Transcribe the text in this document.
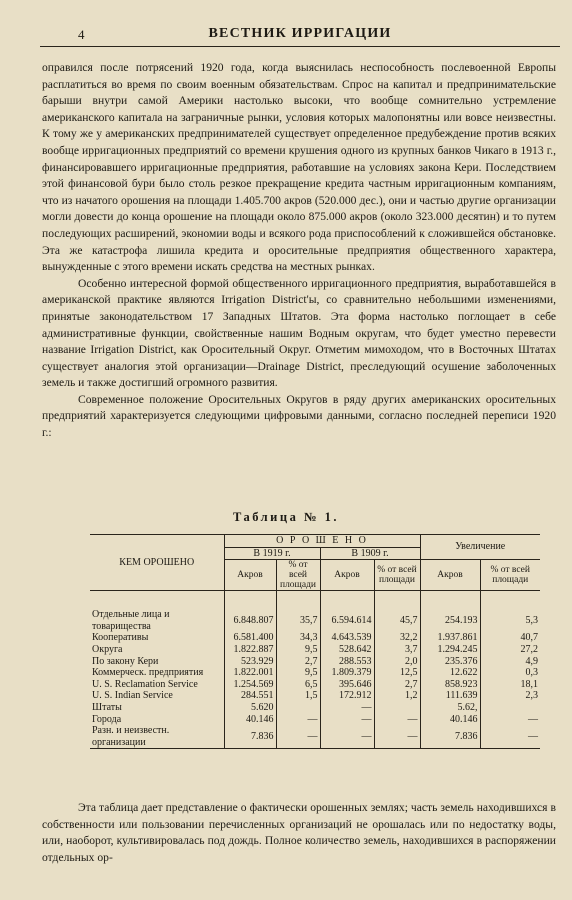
4	ВЕСТНИК ИРРИГАЦИИ

оправился после потрясений 1920 года, когда выяснилась неспособность послевоенной Европы расплатиться во время по своим военным обязательствам. Спрос на капитал и предпринимательские барыши внутри самой Америки настолько высоки, что вообще сомнительно устремление американского капитала на заграничные рынки, условия которых малопонятны или вовсе неизвестны. К тому же у американских предпринимателей существует определенное предубеждение против всяких вообще ирригационных предприятий со времени крушения одного из крупных банков Чикаго в 1913 г., финансировавшего ирригационные предприятия, работавшие на условиях закона Кери. Последствием этой финансовой бури было столь резкое прекращение кредита частным ирригационным компаниям, что из начатого орошения на площади 1.405.700 акров (520.000 дес.), они и частью другие организации могли довести до конца орошение на площади около 875.000 акров (около 323.000 десятин) и то путем последующих расширений, экономии воды и всякого рода приспособлений к сложившейся обстановке. Эта же катастрофа лишила кредита и оросительные предприятия общественного характера, вынужденные с этого времени искать средства на местных рынках.

Особенно интересной формой общественного ирригационного предприятия, выработавшейся в американской практике являются Irrigation District'ы, со сравнительно небольшими изменениями, принятые законодательством 17 Западных Штатов. Эта форма настолько поглощает в себе административные функции, свойственные нашим Водным округам, что будет уместно перевести название Irrigation District, как Оросительный Округ. Отметим мимоходом, что в Восточных Штатах существует аналогия этой организации—Drainage District, преследующий осушение заболоченных земель и также достигший огромного развития.

Современное положение Оросительных Округов в ряду других американских оросительных предприятий характеризуется следующими цифровыми данными, согласно последней переписи 1920 г.:

Таблица № 1.
КЕМ ОРОШЕНО	О Р О Ш Е Н О				Увеличение	
	В 1919 г.		В 1909 г.			
	Акров	% от всей площади	Акров	% от всей площади	Акров	% от всей площади

Отдельные лица и товарищества	6.848.807	35,7	6.594.614	45,7	254.193	5,3
Кооперативы	6.581.400	34,3	4.643.539	32,2	1.937.861	40,7
Округа	1.822.887	9,5	528.642	3,7	1.294.245	27,2
По закону Кери	523.929	2,7	288.553	2,0	235.376	4,9
Коммерческ. предприятия	1.822.001	9,5	1.809.379	12,5	12.622	0,3
U. S. Reclamation Service	1.254.569	6,5	395.646	2,7	858.923	18,1
U. S. Indian Service	284.551	1,5	172.912	1,2	111.639	2,3
Штаты	5.620		—		5.62,	
Города	40.146	—	—	—	40.146	—
Разн. и неизвестн. организации	7.836	—	—	—	7.836	—

Эта таблица дает представление о фактически орошенных землях; часть земель находившихся в собственности или пользовании перечисленных организаций не орошалась или по недостатку воды, или, наоборот, культивировалась под дождь. Полное количество земель, находившихся в распоряжении отдельных ор-
